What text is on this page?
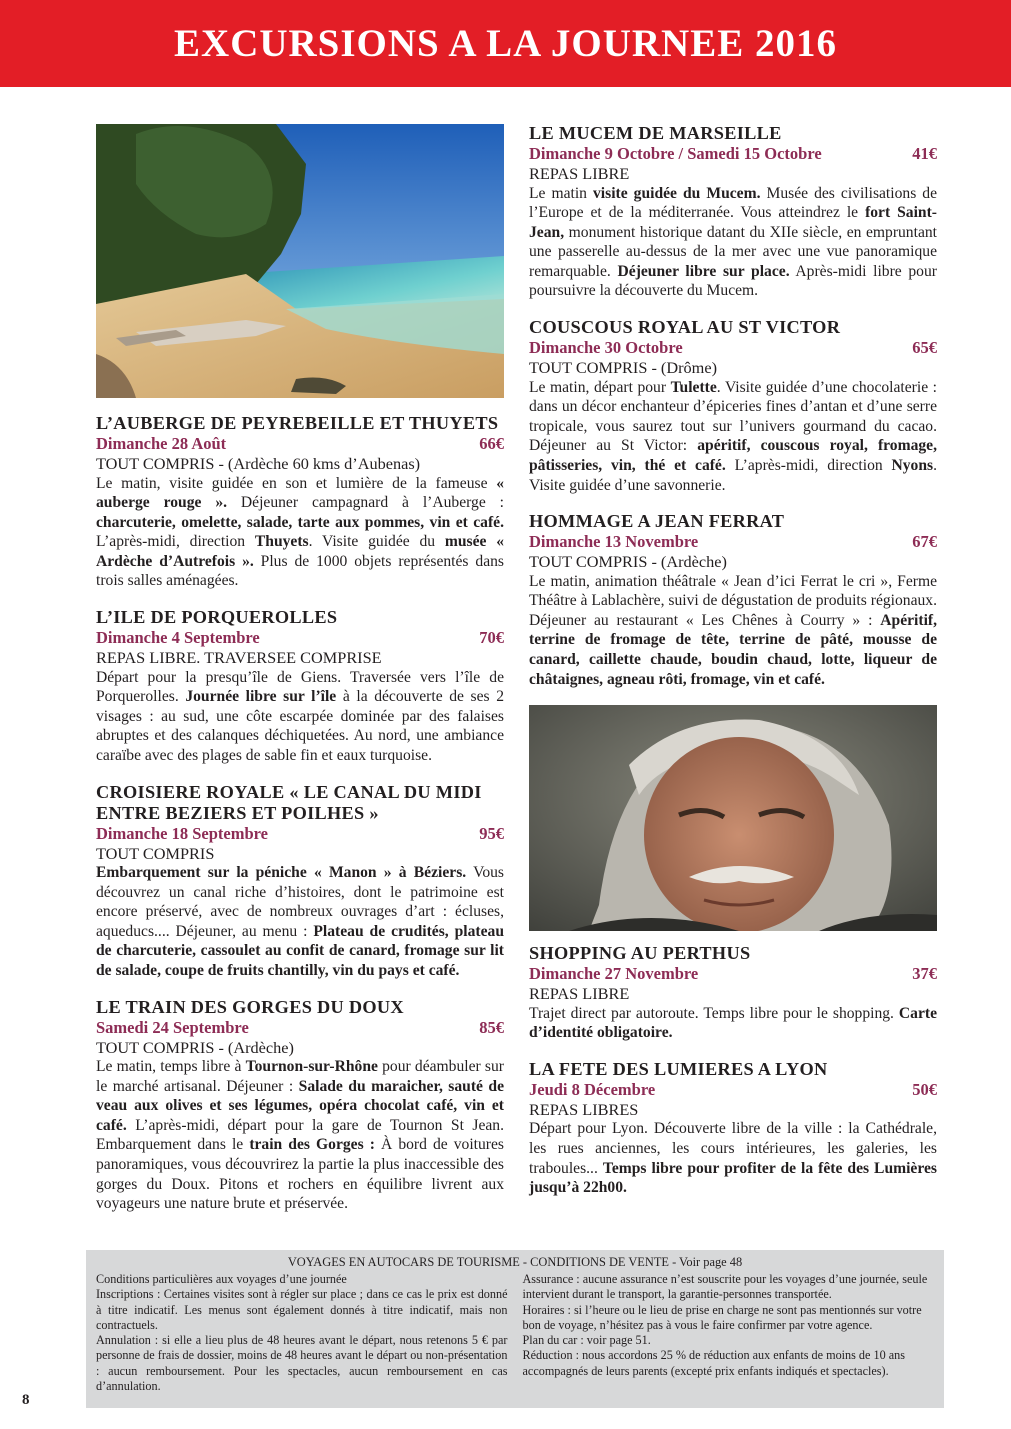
EXCURSIONS A LA JOURNEE 2016

L’AUBERGE DE PEYREBEILLE ET THUYETS

Dimanche 28 Août	66€
TOUT COMPRIS - (Ardèche 60 kms d’Aubenas)

Le matin, visite guidée en son et lumière de la fameuse « auberge rouge ». Déjeuner campagnard à l’Auberge : charcuterie, omelette, salade, tarte aux pommes, vin et café. L’après-midi, direction Thuyets. Visite guidée du musée « Ardèche d’Autrefois ». Plus de 1000 objets représentés dans trois salles aménagées.

L’ILE DE PORQUEROLLES

Dimanche 4 Septembre	70€
REPAS LIBRE. TRAVERSEE COMPRISE

Départ pour la presqu’île de Giens. Traversée vers l’île de Porquerolles. Journée libre sur l’île à la découverte de ses 2 visages : au sud, une côte escarpée dominée par des falaises abruptes et des calanques déchiquetées. Au nord, une ambiance caraïbe avec des plages de sable fin et eaux turquoise.

CROISIERE ROYALE « LE CANAL DU MIDI ENTRE BEZIERS ET POILHES »

Dimanche 18 Septembre	95€
TOUT COMPRIS

Embarquement sur la péniche « Manon » à Béziers. Vous découvrez un canal riche d’histoires, dont le patrimoine est encore préservé, avec de nombreux ouvrages d’art : écluses, aqueducs.... Déjeuner, au menu : Plateau de crudités, plateau de charcuterie, cassoulet au confit de canard, fromage sur lit de salade, coupe de fruits chantilly, vin du pays et café.

LE TRAIN DES GORGES DU DOUX

Samedi 24 Septembre	85€
TOUT COMPRIS - (Ardèche)

Le matin, temps libre à Tournon-sur-Rhône pour déambuler sur le marché artisanal. Déjeuner : Salade du maraicher, sauté de veau aux olives et ses légumes, opéra chocolat café, vin et café. L’après-midi, départ pour la gare de Tournon St Jean. Embarquement dans le train des Gorges : À bord de voitures panoramiques, vous découvrirez la partie la plus inaccessible des gorges du Doux. Pitons et rochers en équilibre livrent aux voyageurs une nature brute et préservée.

LE MUCEM DE MARSEILLE

Dimanche 9 Octobre / Samedi 15 Octobre	41€
REPAS LIBRE

Le matin visite guidée du Mucem. Musée des civilisations de l’Europe et de la méditerranée. Vous atteindrez le fort Saint-Jean, monument historique datant du XIIe siècle, en empruntant une passerelle au-dessus de la mer avec une vue panoramique remarquable. Déjeuner libre sur place. Après-midi libre pour poursuivre la découverte du Mucem.

COUSCOUS ROYAL AU ST VICTOR

Dimanche 30 Octobre	65€
TOUT COMPRIS - (Drôme)

Le matin, départ pour Tulette. Visite guidée d’une chocolaterie : dans un décor enchanteur d’épiceries fines d’antan et d’une serre tropicale, vous saurez tout sur l’univers gourmand du cacao. Déjeuner au St Victor: apéritif, couscous royal, fromage, pâtisseries, vin, thé et café. L’après-midi, direction Nyons. Visite guidée d’une savonnerie.

HOMMAGE A JEAN FERRAT

Dimanche 13 Novembre	67€
TOUT COMPRIS - (Ardèche)

Le matin, animation théâtrale « Jean d’ici Ferrat le cri », Ferme Théâtre à Lablachère, suivi de dégustation de produits régionaux. Déjeuner au restaurant « Les Chênes à Courry » : Apéritif, terrine de fromage de tête, terrine de pâté, mousse de canard, caillette chaude, boudin chaud, lotte, liqueur de châtaignes, agneau rôti, fromage, vin et café.

SHOPPING AU PERTHUS

Dimanche 27 Novembre	37€
REPAS LIBRE

Trajet direct par autoroute. Temps libre pour le shopping. Carte d’identité obligatoire.

LA FETE DES LUMIERES A LYON

Jeudi 8 Décembre	50€
REPAS LIBRES

Départ pour Lyon. Découverte libre de la ville : la Cathédrale, les rues anciennes, les cours intérieures, les galeries, les traboules... Temps libre pour profiter de la fête des Lumières jusqu’à 22h00.

VOYAGES EN AUTOCARS DE TOURISME - CONDITIONS DE VENTE - Voir page 48

Conditions particulières aux voyages d’une journée

Inscriptions : Certaines visites sont à régler sur place ; dans ce cas le prix est donné à titre indicatif. Les menus sont également donnés à titre indicatif, mais non contractuels.

Annulation : si elle a lieu plus de 48 heures avant le départ, nous retenons 5 € par personne de frais de dossier, moins de 48 heures avant le départ ou non-présentation : aucun remboursement. Pour les spectacles, aucun remboursement en cas d’annulation.

Assurance : aucune assurance n’est souscrite pour les voyages d’une journée, seule intervient durant le transport, la garantie-personnes transportée.

Horaires : si l’heure ou le lieu de prise en charge ne sont pas mentionnés sur votre bon de voyage, n’hésitez pas à vous le faire confirmer par votre agence.

Plan du car : voir page 51.

Réduction : nous accordons 25 % de réduction aux enfants de moins de 10 ans accompagnés de leurs parents (excepté prix enfants indiqués et spectacles).

8
